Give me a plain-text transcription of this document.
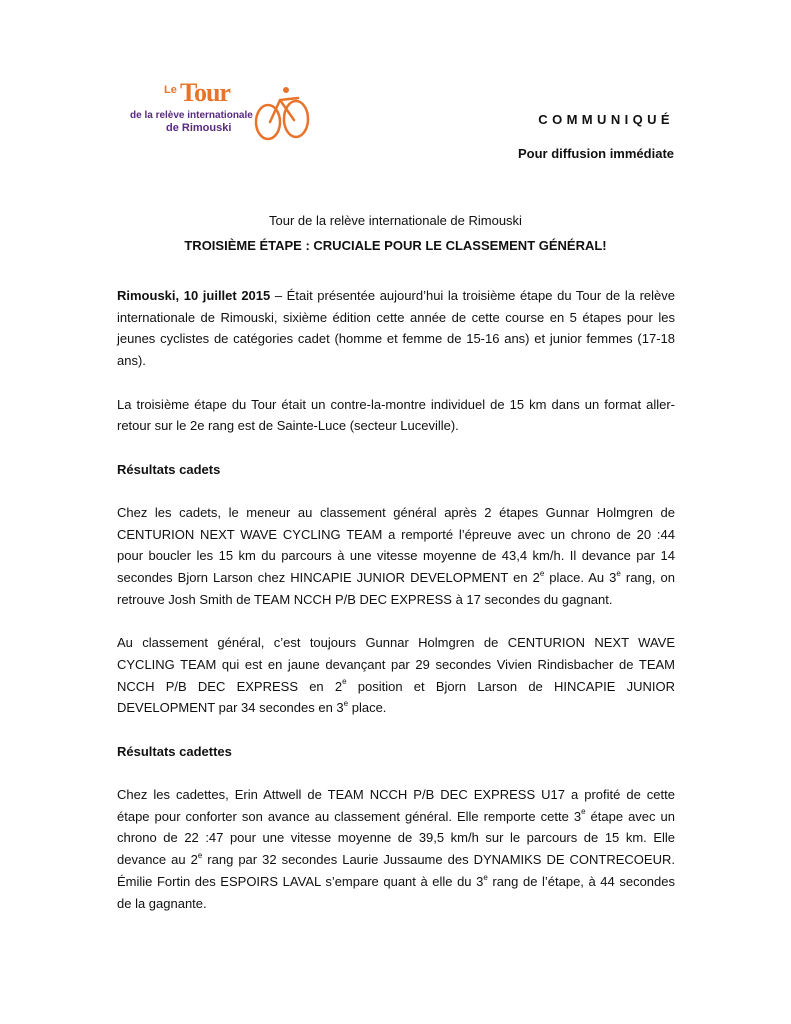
Le Tour
de la relève internationale
de Rimouski
COMMUNIQUÉ
Pour diffusion immédiate
Tour de la relève internationale de Rimouski
TROISIÈME ÉTAPE : CRUCIALE POUR LE CLASSEMENT GÉNÉRAL!

Rimouski, 10 juillet 2015 – Était présentée aujourd’hui la troisième étape du Tour de la relève internationale de Rimouski, sixième édition cette année de cette course en 5 étapes pour les jeunes cyclistes de catégories cadet (homme et femme de 15-16 ans) et junior femmes (17-18 ans).

La troisième étape du Tour était un contre-la-montre individuel de 15 km dans un format aller-retour sur le 2e rang est de Sainte-Luce (secteur Luceville).

Résultats cadets

Chez les cadets, le meneur au classement général après 2 étapes Gunnar Holmgren de CENTURION NEXT WAVE CYCLING TEAM a remporté l’épreuve avec un chrono de 20 :44 pour boucler les 15 km du parcours à une vitesse moyenne de 43,4 km/h. Il devance par 14 secondes Bjorn Larson chez HINCAPIE JUNIOR DEVELOPMENT en 2e place. Au 3e rang, on retrouve Josh Smith de TEAM NCCH P/B DEC EXPRESS à 17 secondes du gagnant.

Au classement général, c’est toujours Gunnar Holmgren de CENTURION NEXT WAVE CYCLING TEAM qui est en jaune devançant par 29 secondes Vivien Rindisbacher de TEAM NCCH P/B DEC EXPRESS en 2e position et Bjorn Larson de HINCAPIE JUNIOR DEVELOPMENT par 34 secondes en 3e place.

Résultats cadettes

Chez les cadettes, Erin Attwell de TEAM NCCH P/B DEC EXPRESS U17 a profité de cette étape pour conforter son avance au classement général. Elle remporte cette 3e étape avec un chrono de 22 :47 pour une vitesse moyenne de 39,5 km/h sur le parcours de 15 km. Elle devance au 2e rang par 32 secondes Laurie Jussaume des DYNAMIKS DE CONTRECOEUR. Émilie Fortin des ESPOIRS LAVAL s’empare quant à elle du 3e rang de l’étape, à 44 secondes de la gagnante.
